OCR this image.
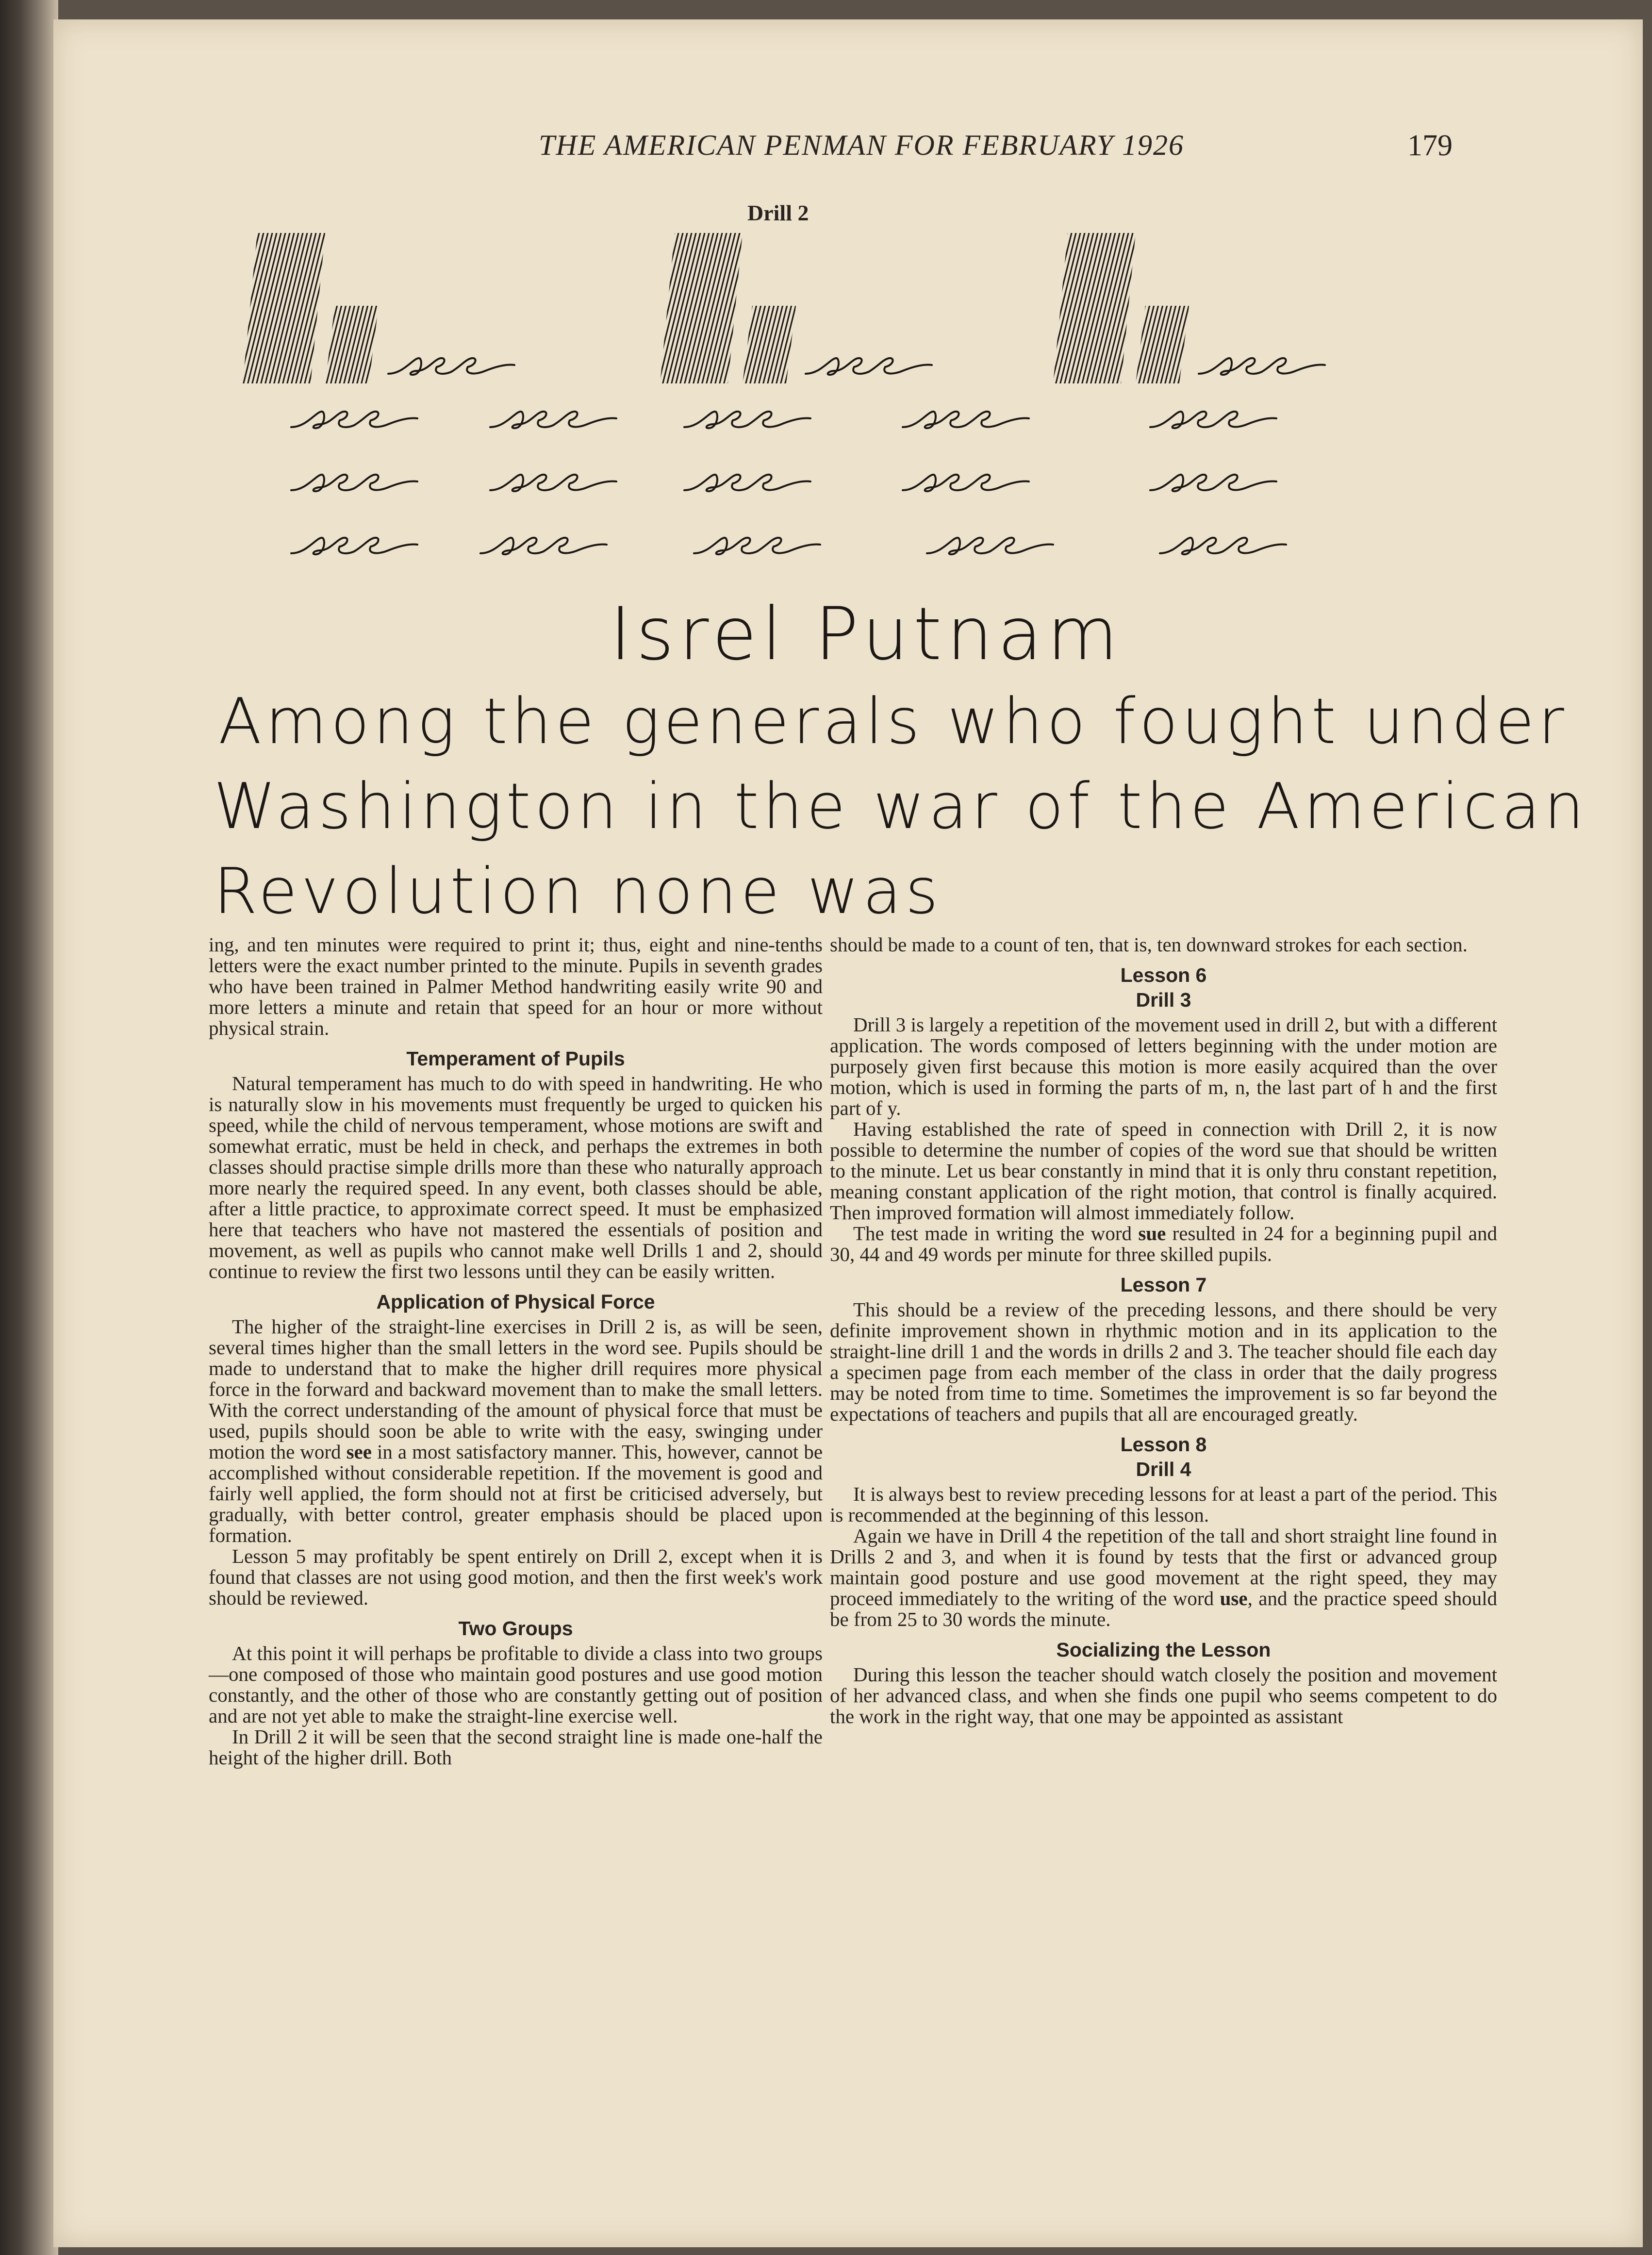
THE AMERICAN PENMAN FOR FEBRUARY 1926	179
Drill 2
Isrel Putnam
Among the generals who fought under
Washington in the war of the American
Revolution none was

ing, and ten minutes were required to print it; thus, eight and nine-tenths letters were the exact number printed to the minute. Pupils in seventh grades who have been trained in Palmer Method handwriting easily write 90 and more letters a minute and retain that speed for an hour or more without physical strain.

Temperament of Pupils

Natural temperament has much to do with speed in handwriting. He who is naturally slow in his movements must frequently be urged to quicken his speed, while the child of nervous temperament, whose motions are swift and somewhat erratic, must be held in check, and perhaps the extremes in both classes should practise simple drills more than these who naturally approach more nearly the required speed. In any event, both classes should be able, after a little practice, to approximate correct speed. It must be emphasized here that teachers who have not mastered the essentials of position and movement, as well as pupils who cannot make well Drills 1 and 2, should continue to review the first two lessons until they can be easily written.

Application of Physical Force

The higher of the straight-line exercises in Drill 2 is, as will be seen, several times higher than the small letters in the word see. Pupils should be made to understand that to make the higher drill requires more physical force in the forward and backward movement than to make the small letters. With the correct understanding of the amount of physical force that must be used, pupils should soon be able to write with the easy, swinging under motion the word see in a most satisfactory manner. This, however, cannot be accomplished without considerable repetition. If the movement is good and fairly well applied, the form should not at first be criticised adversely, but gradually, with better control, greater emphasis should be placed upon formation.

Lesson 5 may profitably be spent entirely on Drill 2, except when it is found that classes are not using good motion, and then the first week's work should be reviewed.

Two Groups

At this point it will perhaps be profitable to divide a class into two groups—one composed of those who maintain good postures and use good motion constantly, and the other of those who are constantly getting out of position and are not yet able to make the straight-line exercise well.

In Drill 2 it will be seen that the second straight line is made one-half the height of the higher drill. Both

should be made to a count of ten, that is, ten downward strokes for each section.

Lesson 6
Drill 3

Drill 3 is largely a repetition of the movement used in drill 2, but with a different application. The words composed of letters beginning with the under motion are purposely given first because this motion is more easily acquired than the over motion, which is used in forming the parts of m, n, the last part of h and the first part of y.

Having established the rate of speed in connection with Drill 2, it is now possible to determine the number of copies of the word sue that should be written to the minute. Let us bear constantly in mind that it is only thru constant repetition, meaning constant application of the right motion, that control is finally acquired. Then improved formation will almost immediately follow.

The test made in writing the word sue resulted in 24 for a beginning pupil and 30, 44 and 49 words per minute for three skilled pupils.

Lesson 7

This should be a review of the preceding lessons, and there should be very definite improvement shown in rhythmic motion and in its application to the straight-line drill 1 and the words in drills 2 and 3. The teacher should file each day a specimen page from each member of the class in order that the daily progress may be noted from time to time. Sometimes the improvement is so far beyond the expectations of teachers and pupils that all are encouraged greatly.

Lesson 8
Drill 4

It is always best to review preceding lessons for at least a part of the period. This is recommended at the beginning of this lesson.

Again we have in Drill 4 the repetition of the tall and short straight line found in Drills 2 and 3, and when it is found by tests that the first or advanced group maintain good posture and use good movement at the right speed, they may proceed immediately to the writing of the word use, and the practice speed should be from 25 to 30 words the minute.

Socializing the Lesson

During this lesson the teacher should watch closely the position and movement of her advanced class, and when she finds one pupil who seems competent to do the work in the right way, that one may be appointed as assistant
